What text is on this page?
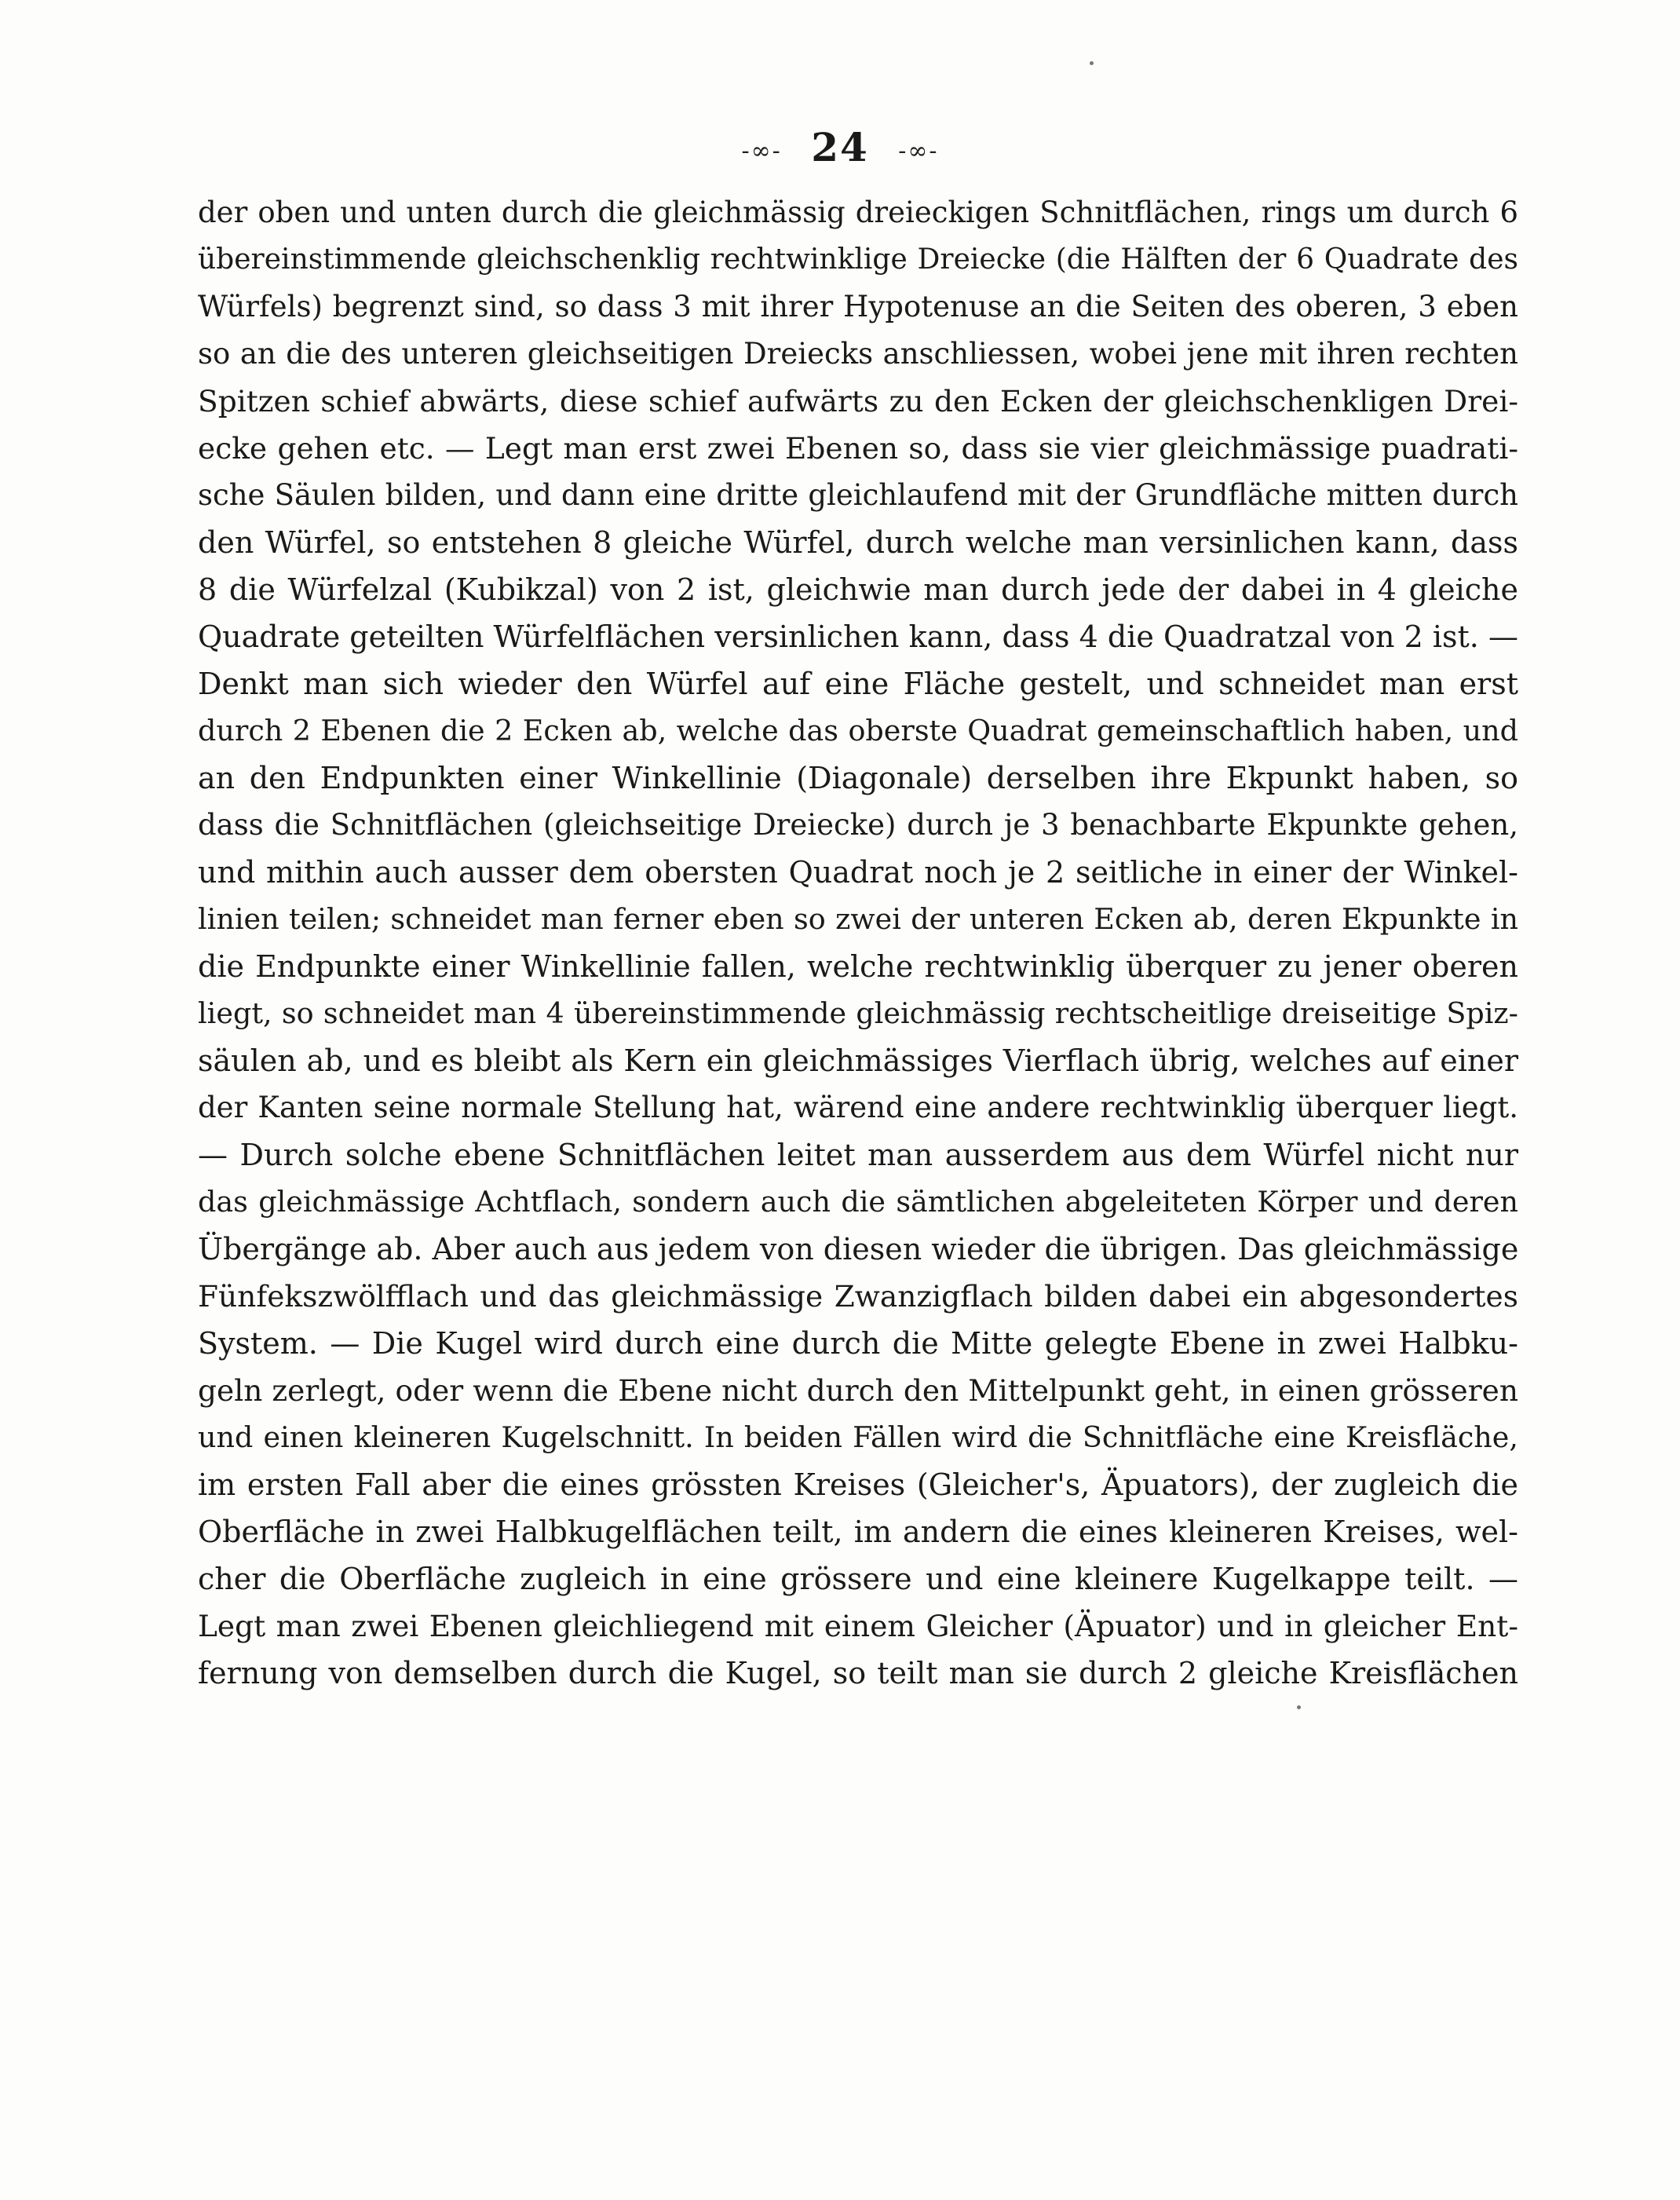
-∞- 24 -∞-
der oben und unten durch die gleichmässig dreieckigen Schnitflächen, rings um durch 6
übereinstimmende gleichschenklig rechtwinklige Dreiecke (die Hälften der 6 Quadrate des
Würfels) begrenzt sind, so dass 3 mit ihrer Hypotenuse an die Seiten des oberen, 3 eben
so an die des unteren gleichseitigen Dreiecks anschliessen, wobei jene mit ihren rechten
Spitzen schief abwärts, diese schief aufwärts zu den Ecken der gleichschenkligen Drei-
ecke gehen etc. — Legt man erst zwei Ebenen so, dass sie vier gleichmässige puadrati-
sche Säulen bilden, und dann eine dritte gleichlaufend mit der Grundfläche mitten durch
den Würfel, so entstehen 8 gleiche Würfel, durch welche man versinlichen kann, dass
8 die Würfelzal (Kubikzal) von 2 ist, gleichwie man durch jede der dabei in 4 gleiche
Quadrate geteilten Würfelflächen versinlichen kann, dass 4 die Quadratzal von 2 ist. —
Denkt man sich wieder den Würfel auf eine Fläche gestelt, und schneidet man erst
durch 2 Ebenen die 2 Ecken ab, welche das oberste Quadrat gemeinschaftlich haben, und
an den Endpunkten einer Winkellinie (Diagonale) derselben ihre Ekpunkt haben, so
dass die Schnitflächen (gleichseitige Dreiecke) durch je 3 benachbarte Ekpunkte gehen,
und mithin auch ausser dem obersten Quadrat noch je 2 seitliche in einer der Winkel-
linien teilen; schneidet man ferner eben so zwei der unteren Ecken ab, deren Ekpunkte in
die Endpunkte einer Winkellinie fallen, welche rechtwinklig überquer zu jener oberen
liegt, so schneidet man 4 übereinstimmende gleichmässig rechtscheitlige dreiseitige Spiz-
säulen ab, und es bleibt als Kern ein gleichmässiges Vierflach übrig, welches auf einer
der Kanten seine normale Stellung hat, wärend eine andere rechtwinklig überquer liegt.
— Durch solche ebene Schnitflächen leitet man ausserdem aus dem Würfel nicht nur
das gleichmässige Achtflach, sondern auch die sämtlichen abgeleiteten Körper und deren
Übergänge ab. Aber auch aus jedem von diesen wieder die übrigen. Das gleichmässige
Fünfekszwölfflach und das gleichmässige Zwanzigflach bilden dabei ein abgesondertes
System. — Die Kugel wird durch eine durch die Mitte gelegte Ebene in zwei Halbku-
geln zerlegt, oder wenn die Ebene nicht durch den Mittelpunkt geht, in einen grösseren
und einen kleineren Kugelschnitt. In beiden Fällen wird die Schnitfläche eine Kreisfläche,
im ersten Fall aber die eines grössten Kreises (Gleicher's, Äpuators), der zugleich die
Oberfläche in zwei Halbkugelflächen teilt, im andern die eines kleineren Kreises, wel-
cher die Oberfläche zugleich in eine grössere und eine kleinere Kugelkappe teilt. —
Legt man zwei Ebenen gleichliegend mit einem Gleicher (Äpuator) und in gleicher Ent-
fernung von demselben durch die Kugel, so teilt man sie durch 2 gleiche Kreisflächen
